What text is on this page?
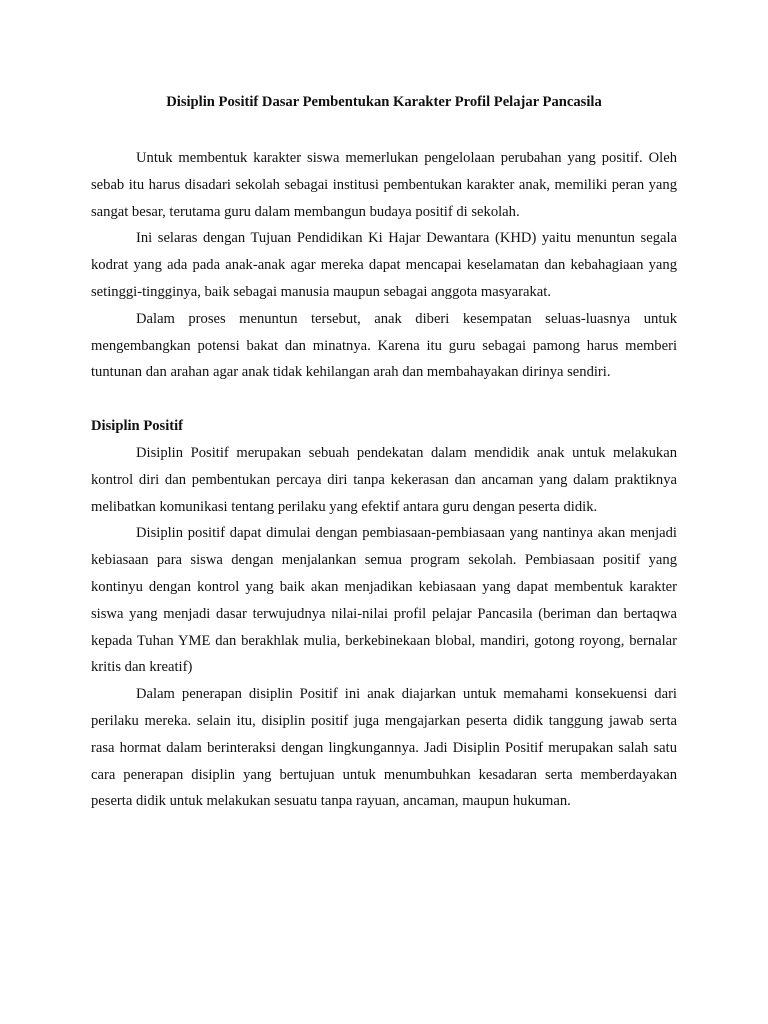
Disiplin Positif Dasar Pembentukan Karakter Profil Pelajar Pancasila

Untuk membentuk karakter siswa memerlukan pengelolaan perubahan yang positif. Oleh sebab itu harus disadari sekolah sebagai institusi pembentukan karakter anak, memiliki peran yang sangat besar, terutama guru dalam membangun budaya positif di sekolah.

Ini selaras dengan Tujuan Pendidikan Ki Hajar Dewantara (KHD) yaitu menuntun segala kodrat yang ada pada anak-anak agar mereka dapat mencapai keselamatan dan kebahagiaan yang setinggi-tingginya, baik sebagai manusia maupun sebagai anggota masyarakat.

Dalam proses menuntun tersebut, anak diberi kesempatan seluas-luasnya untuk mengembangkan potensi bakat dan minatnya. Karena itu guru sebagai pamong harus memberi tuntunan dan arahan agar anak tidak kehilangan arah dan membahayakan dirinya sendiri.

Disiplin Positif

Disiplin Positif merupakan sebuah pendekatan dalam mendidik anak untuk melakukan kontrol diri dan pembentukan percaya diri tanpa kekerasan dan ancaman yang dalam praktiknya melibatkan komunikasi tentang perilaku yang efektif antara guru dengan peserta didik.

Disiplin positif dapat dimulai dengan pembiasaan-pembiasaan yang nantinya akan menjadi kebiasaan para siswa dengan menjalankan semua program sekolah. Pembiasaan positif yang kontinyu dengan kontrol yang baik akan menjadikan kebiasaan yang dapat membentuk karakter siswa yang menjadi dasar terwujudnya nilai-nilai profil pelajar Pancasila (beriman dan bertaqwa kepada Tuhan YME dan berakhlak mulia, berkebinekaan blobal, mandiri, gotong royong, bernalar kritis dan kreatif)

Dalam penerapan disiplin Positif ini anak diajarkan untuk memahami konsekuensi dari perilaku mereka. selain itu, disiplin positif juga mengajarkan peserta didik tanggung jawab serta rasa hormat dalam berinteraksi dengan lingkungannya. Jadi Disiplin Positif merupakan salah satu cara penerapan disiplin yang bertujuan untuk menumbuhkan kesadaran serta memberdayakan peserta didik untuk melakukan sesuatu tanpa rayuan, ancaman, maupun hukuman.
